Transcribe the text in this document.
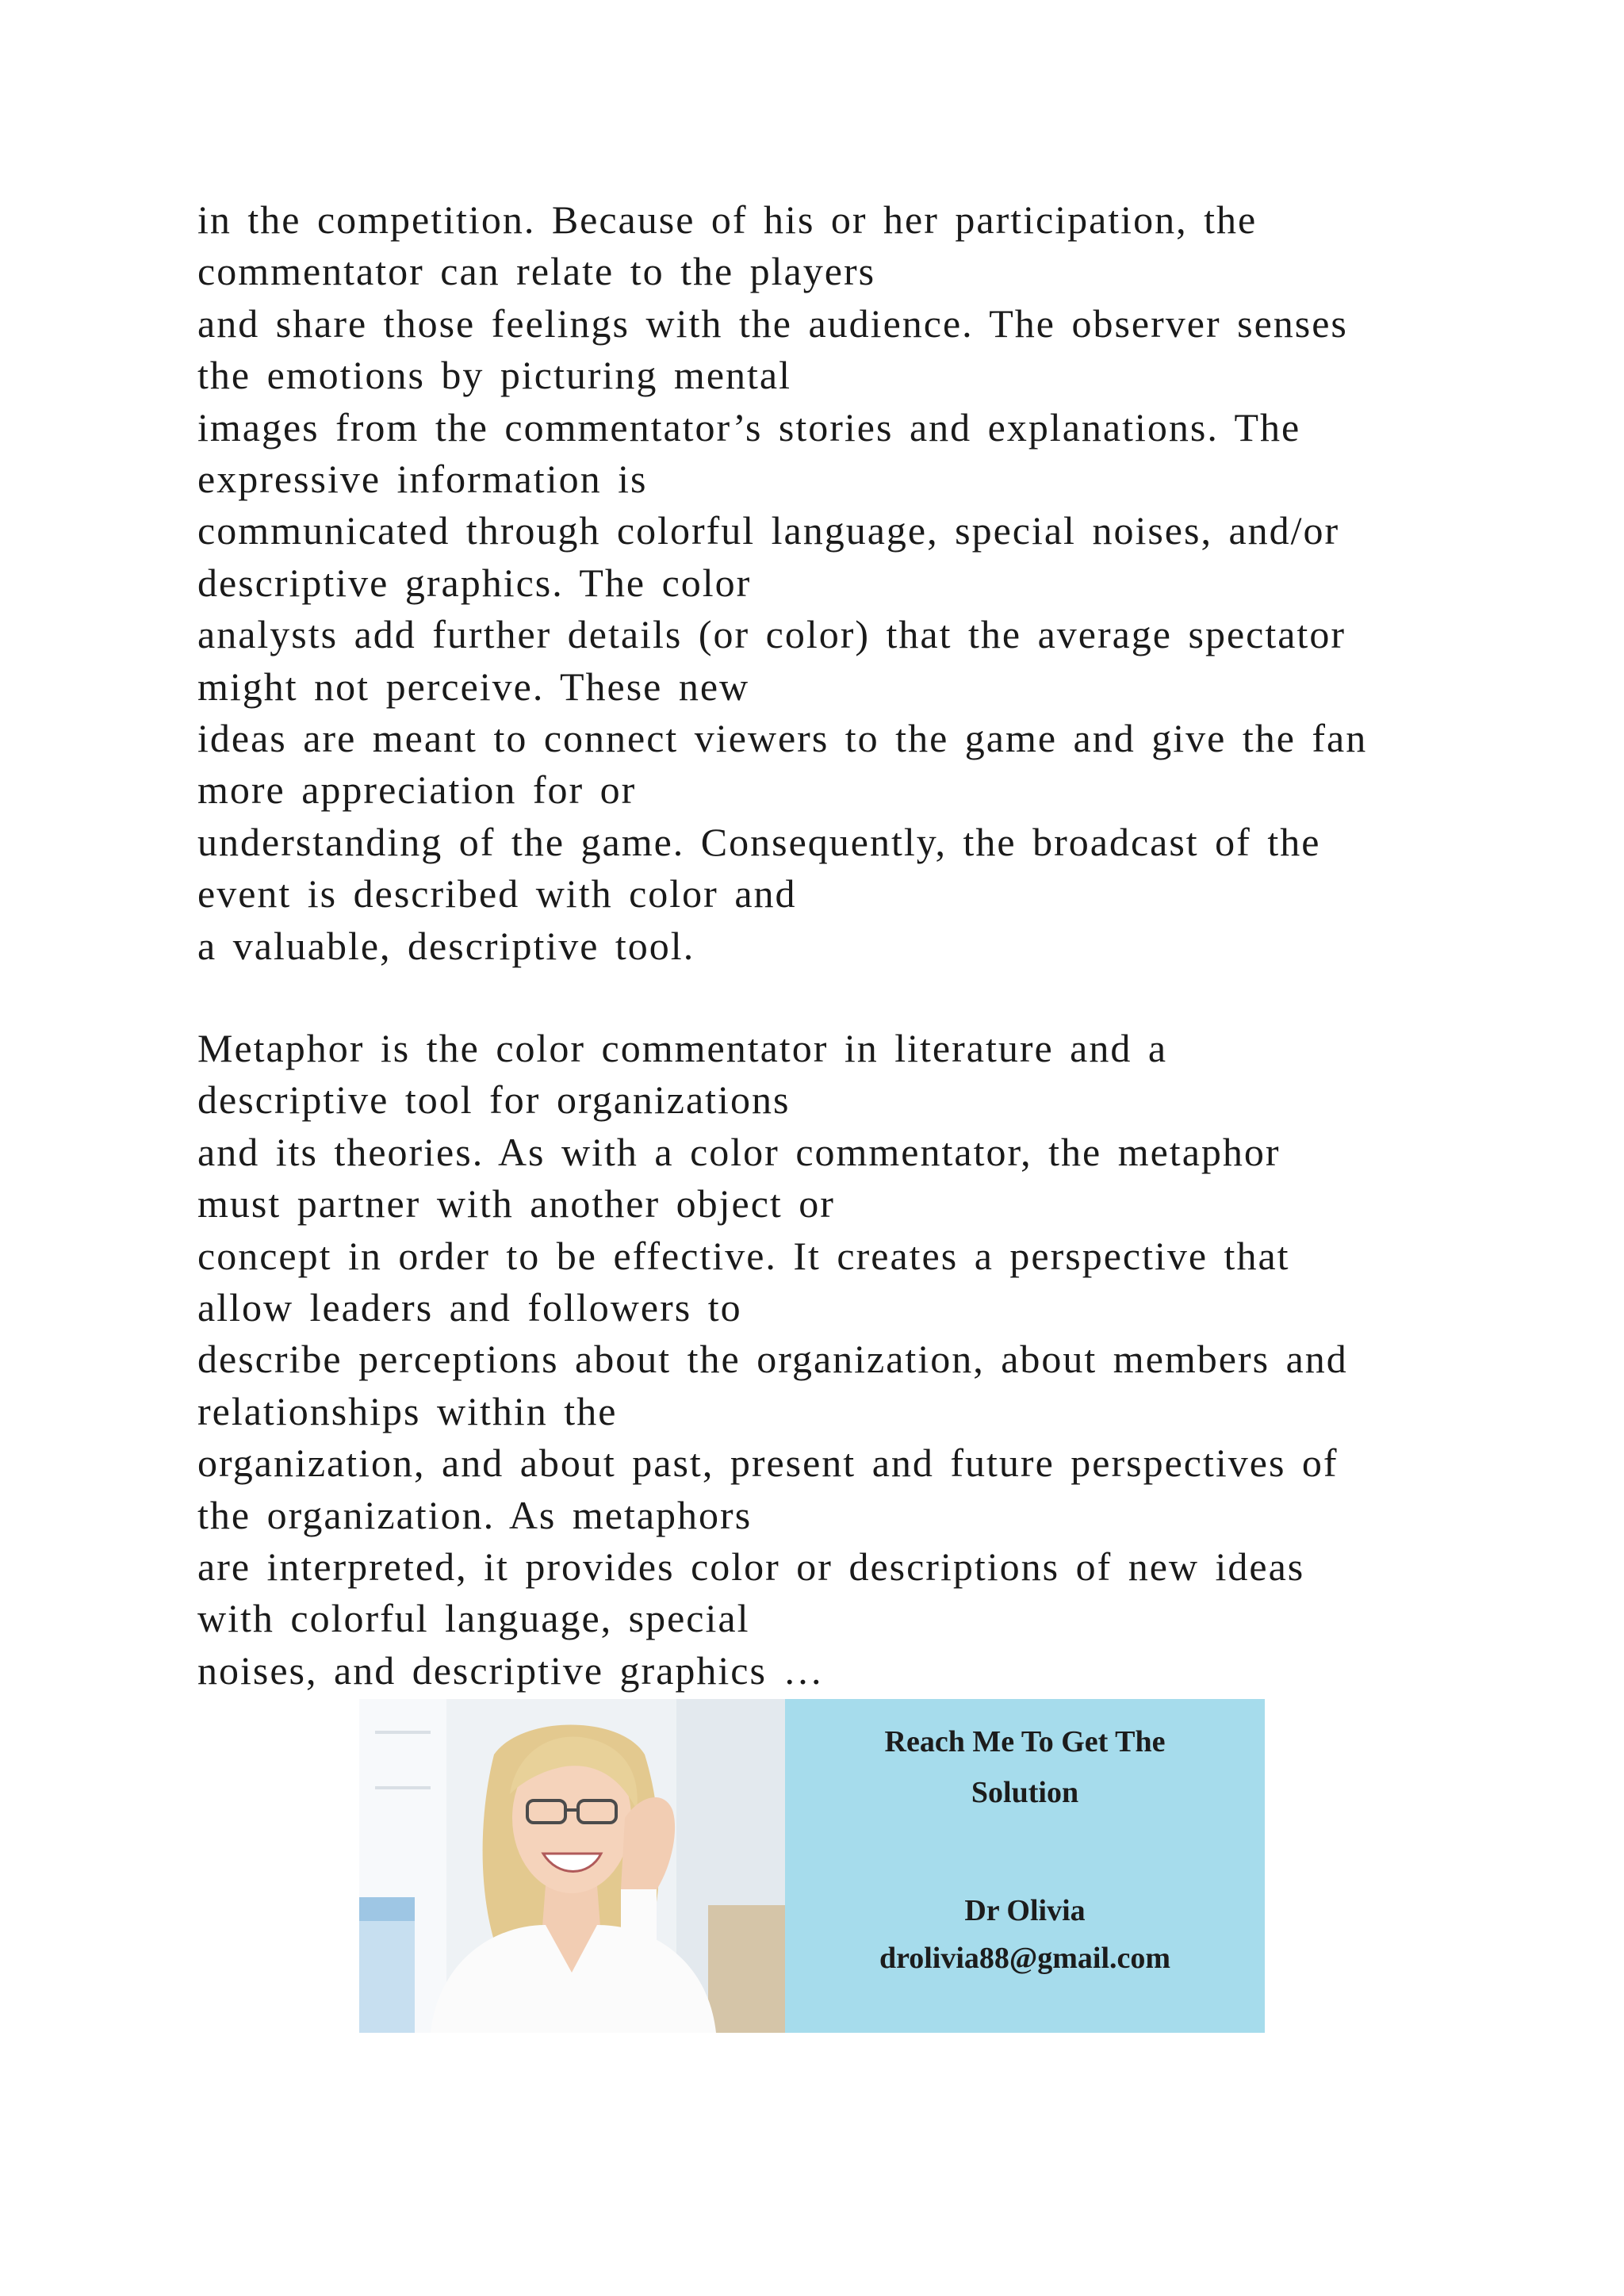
in the competition. Because of his or her participation, the
commentator can relate to the players
and share those feelings with the audience. The observer senses
the emotions by picturing mental
images from the commentator’s stories and explanations. The
expressive information is
communicated through colorful language, special noises, and/or
descriptive graphics. The color
analysts add further details (or color) that the average spectator
might not perceive. These new
ideas are meant to connect viewers to the game and give the fan
more appreciation for or
understanding of the game. Consequently, the broadcast of the
event is described with color and
a valuable, descriptive tool.
Metaphor is the color commentator in literature and a
descriptive tool for organizations
and its theories. As with a color commentator, the metaphor
must partner with another object or
concept in order to be effective. It creates a perspective that
allow leaders and followers to
describe perceptions about the organization, about members and
relationships within the
organization, and about past, present and future perspectives of
the organization. As metaphors
are interpreted, it provides color or descriptions of new ideas
with colorful language, special
noises, and descriptive graphics …
Reach Me To Get The
Solution
Dr Olivia
drolivia88@gmail.com
